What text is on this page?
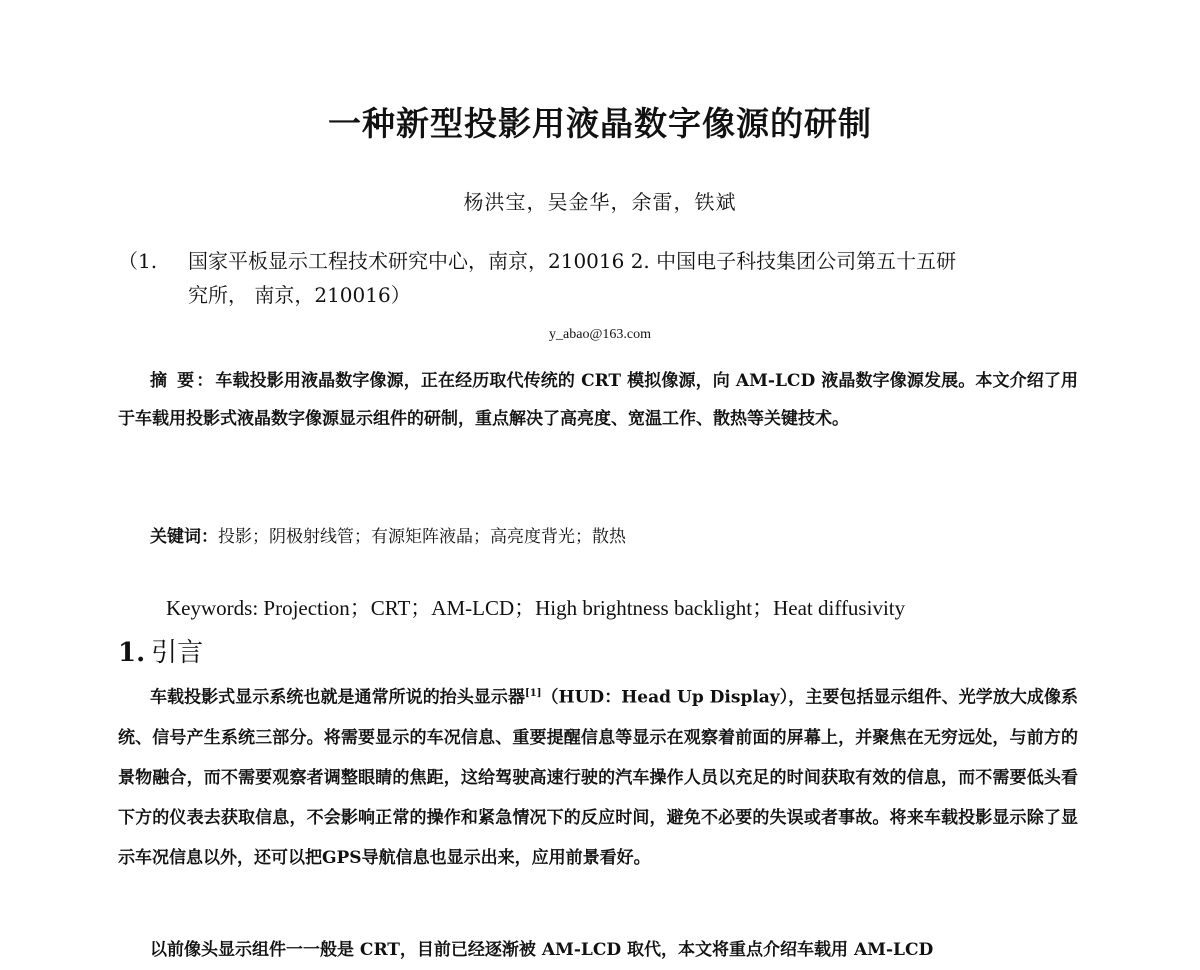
一种新型投影用液晶数字像源的研制
杨洪宝，吴金华，余雷，铁斌
（1. 国家平板显示工程技术研究中心，南京，210016 2. 中国电子科技集团公司第五十五研
究所， 南京，210016）
y_abao@163.com
摘 要：车载投影用液晶数字像源，正在经历取代传统的 CRT 模拟像源，向 AM-LCD 液晶数字像源发展。本文介绍了用于车载用投影式液晶数字像源显示组件的研制，重点解决了高亮度、宽温工作、散热等关键技术。
关键词：投影；阴极射线管；有源矩阵液晶；高亮度背光；散热
Keywords: Projection；CRT；AM-LCD；High brightness backlight；Heat diffusivity
1. 引言
车载投影式显示系统也就是通常所说的抬头显示器[1]（HUD：Head Up Display），主要包括显示组件、光学放大成像系统、信号产生系统三部分。将需要显示的车况信息、重要提醒信息等显示在观察着前面的屏幕上，并聚焦在无穷远处，与前方的景物融合，而不需要观察者调整眼睛的焦距，这给驾驶高速行驶的汽车操作人员以充足的时间获取有效的信息，而不需要低头看下方的仪表去获取信息，不会影响正常的操作和紧急情况下的反应时间，避免不必要的失误或者事故。将来车载投影显示除了显示车况信息以外，还可以把GPS导航信息也显示出来，应用前景看好。
以前像头显示组件一一般是 CRT，目前已经逐渐被 AM-LCD 取代，本文将重点介绍车载用 AM-LCD
